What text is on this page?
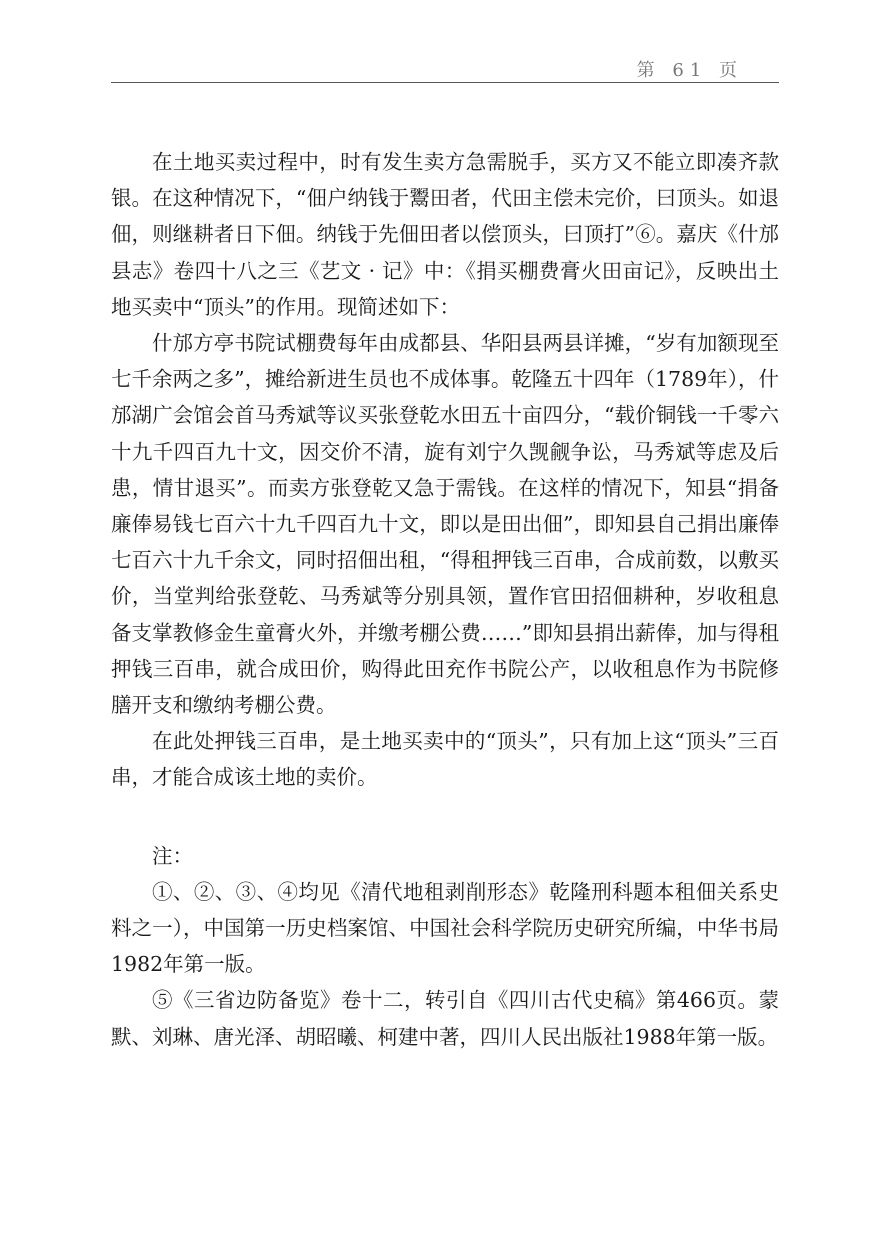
第 61 页

在土地买卖过程中，时有发生卖方急需脱手，买方又不能立即凑齐款银。在这种情况下，“佃户纳钱于鬻田者，代田主偿未完价，曰顶头。如退佃，则继耕者日下佃。纳钱于先佃田者以偿顶头，曰顶打”⑥。嘉庆《什邡县志》卷四十八之三《艺文 · 记》中：《捐买棚费膏火田亩记》，反映出土地买卖中“顶头”的作用。现简述如下：

什邡方亭书院试棚费每年由成都县、华阳县两县详摊，“岁有加额现至七千余两之多”，摊给新进生员也不成体事。乾隆五十四年（1789年），什邡湖广会馆会首马秀斌等议买张登乾水田五十亩四分，“载价铜钱一千零六十九千四百九十文，因交价不清，旋有刘宁久觊觎争讼，马秀斌等虑及后患，情甘退买”。而卖方张登乾又急于需钱。在这样的情况下，知县“捐备廉俸易钱七百六十九千四百九十文，即以是田出佃”，即知县自己捐出廉俸七百六十九千余文，同时招佃出租，“得租押钱三百串，合成前数，以敷买价，当堂判给张登乾、马秀斌等分别具领，置作官田招佃耕种，岁收租息备支掌教修金生童膏火外，并缴考棚公费……”即知县捐出薪俸，加与得租押钱三百串，就合成田价，购得此田充作书院公产，以收租息作为书院修膳开支和缴纳考棚公费。

在此处押钱三百串，是土地买卖中的“顶头”，只有加上这“顶头”三百串，才能合成该土地的卖价。

注：

①、②、③、④均见《清代地租剥削形态》乾隆刑科题本租佃关系史料之一），中国第一历史档案馆、中国社会科学院历史研究所编，中华书局1982年第一版。

⑤《三省边防备览》卷十二，转引自《四川古代史稿》第466页。蒙默、刘琳、唐光泽、胡昭曦、柯建中著，四川人民出版社1988年第一版。
